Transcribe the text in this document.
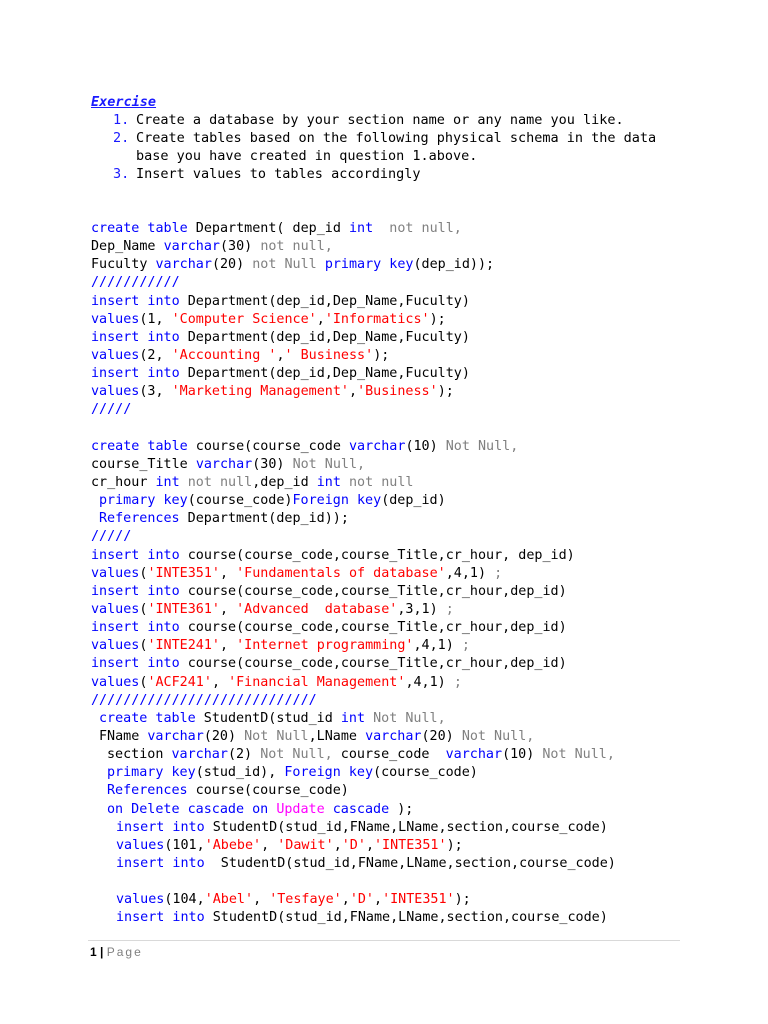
Exercise
1. Create a database by your section name or any name you like.
2. Create tables based on the following physical schema in the data
base you have created in question 1.above.
3. Insert values to tables accordingly
create table Department( dep_id int  not null,
Dep_Name varchar(30) not null,
Fuculty varchar(20) not Null primary key(dep_id));
///////////
insert into Department(dep_id,Dep_Name,Fuculty)
values(1, 'Computer Science','Informatics');
insert into Department(dep_id,Dep_Name,Fuculty)
values(2, 'Accounting ',' Business');
insert into Department(dep_id,Dep_Name,Fuculty)
values(3, 'Marketing Management','Business');
/////
create table course(course_code varchar(10) Not Null,
course_Title varchar(30) Not Null,
cr_hour int not null,dep_id int not null
primary key(course_code)Foreign key(dep_id)
References Department(dep_id));
/////
insert into course(course_code,course_Title,cr_hour, dep_id)
values('INTE351', 'Fundamentals of database',4,1) ;
insert into course(course_code,course_Title,cr_hour,dep_id)
values('INTE361', 'Advanced  database',3,1) ;
insert into course(course_code,course_Title,cr_hour,dep_id)
values('INTE241', 'Internet programming',4,1) ;
insert into course(course_code,course_Title,cr_hour,dep_id)
values('ACF241', 'Financial Management',4,1) ;
////////////////////////////
create table StudentD(stud_id int Not Null,
FName varchar(20) Not Null,LName varchar(20) Not Null,
section varchar(2) Not Null, course_code  varchar(10) Not Null,
primary key(stud_id), Foreign key(course_code)
References course(course_code)
on Delete cascade on Update cascade );
insert into StudentD(stud_id,FName,LName,section,course_code)
values(101,'Abebe', 'Dawit','D','INTE351');
insert into  StudentD(stud_id,FName,LName,section,course_code)
values(104,'Abel', 'Tesfaye','D','INTE351');
insert into StudentD(stud_id,FName,LName,section,course_code)
1 | Page
